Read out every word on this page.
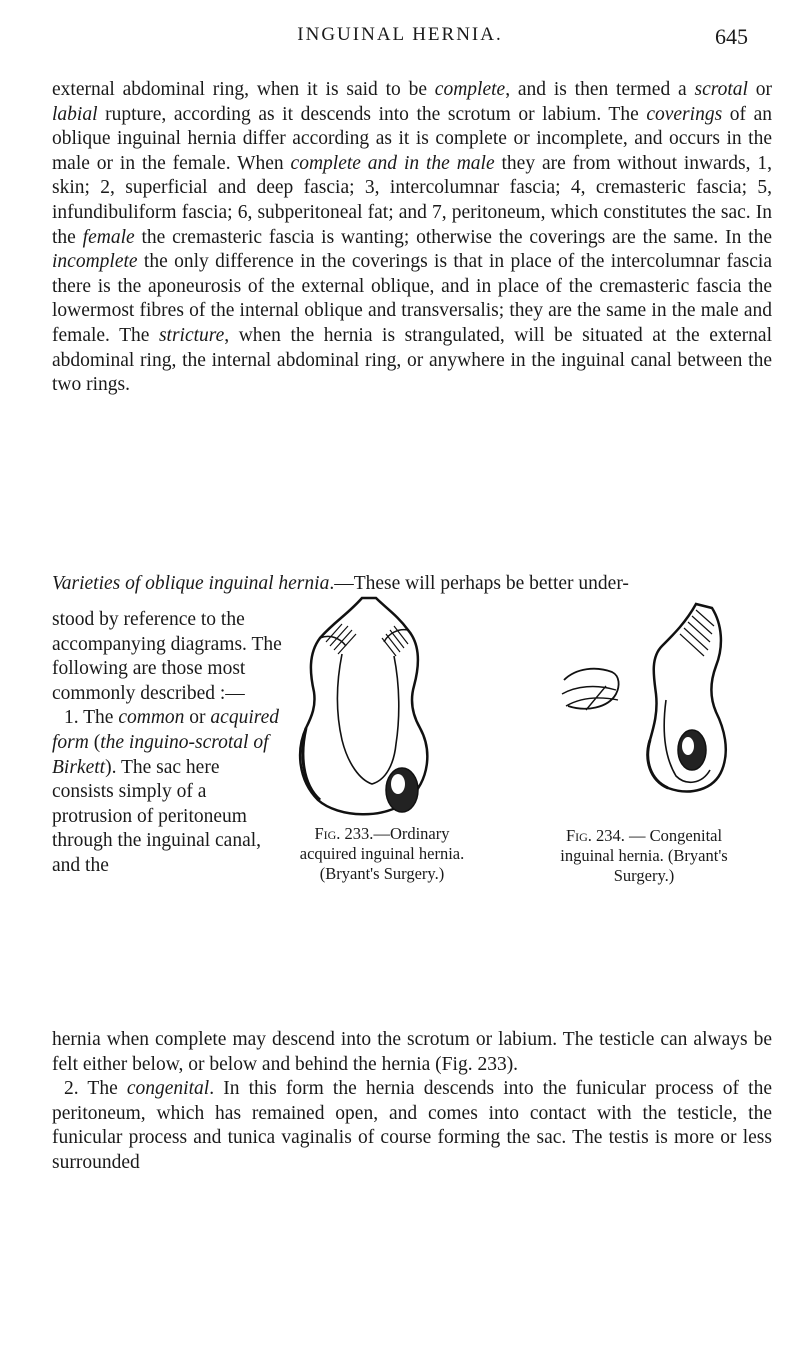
INGUINAL HERNIA.	645

external abdominal ring, when it is said to be complete, and is then termed a scrotal or labial rupture, according as it descends into the scrotum or labium. The coverings of an oblique inguinal hernia differ according as it is complete or incomplete, and occurs in the male or in the female. When complete and in the male they are from without inwards, 1, skin; 2, superficial and deep fascia; 3, intercolumnar fascia; 4, cremasteric fascia; 5, infundibuliform fascia; 6, subperitoneal fat; and 7, peritoneum, which constitutes the sac. In the female the cremasteric fascia is wanting; otherwise the coverings are the same. In the incomplete the only difference in the coverings is that in place of the intercolumnar fascia there is the aponeurosis of the external oblique, and in place of the cremasteric fascia the lowermost fibres of the internal oblique and transversalis; they are the same in the male and female. The stricture, when the hernia is strangulated, will be situated at the external abdominal ring, the internal abdominal ring, or anywhere in the inguinal canal between the two rings.

Varieties of oblique inguinal hernia.—These will perhaps be better under-

stood by reference to the accompanying diagrams. The following are those most commonly described :—

1. The common or acquired form (the inguino-scrotal of Birkett). The sac here consists simply of a protrusion of peritoneum through the inguinal canal, and the

Fig. 233.—Ordinary acquired inguinal hernia. (Bryant's Surgery.)
Fig. 234. — Congenital inguinal hernia. (Bryant's Surgery.)

hernia when complete may descend into the scrotum or labium. The testicle can always be felt either below, or below and behind the hernia (Fig. 233).

2. The congenital. In this form the hernia descends into the funicular process of the peritoneum, which has remained open, and comes into contact with the testicle, the funicular process and tunica vaginalis of course forming the sac. The testis is more or less surrounded
